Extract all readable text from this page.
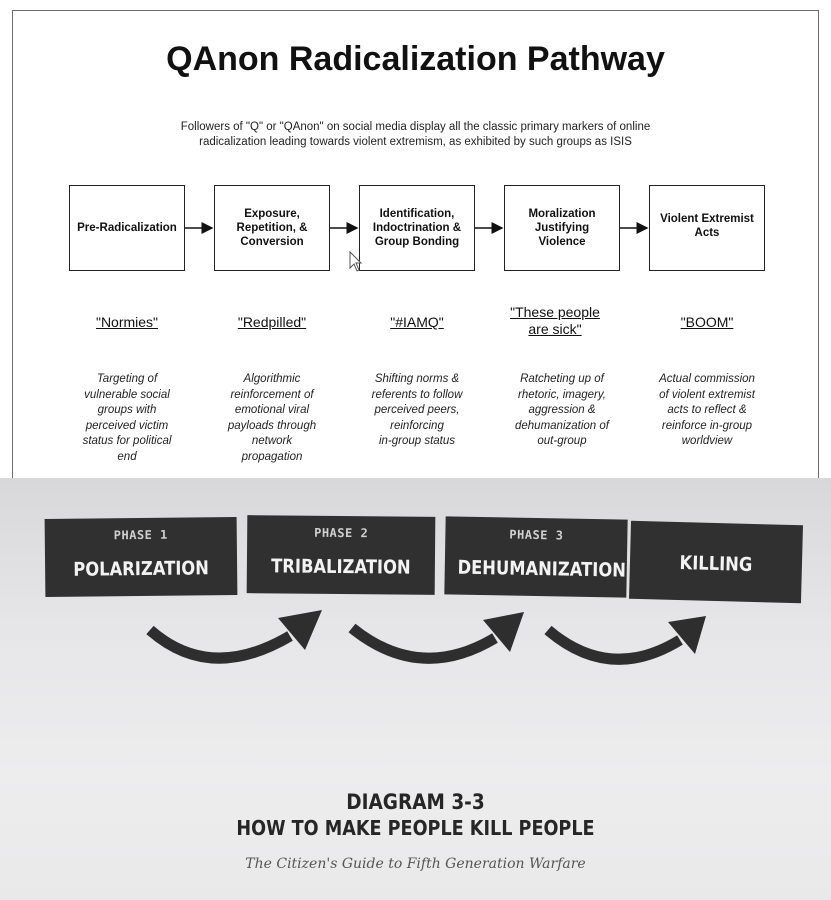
QAnon Radicalization Pathway
Followers of "Q" or "QAnon" on social media display all the classic primary markers of online
radicalization leading towards violent extremism, as exhibited by such groups as ISIS
Pre-Radicalization
Exposure,
Repetition, &
Conversion
Identification,
Indoctrination &
Group Bonding
Moralization
Justifying
Violence
Violent Extremist
Acts
"Normies"	"Redpilled"	"#IAMQ"
"These people
are sick"	"BOOM"
Targeting of
vulnerable social
groups with
perceived victim
status for political
end
Algorithmic
reinforcement of
emotional viral
payloads through
network
propagation
Shifting norms &
referents to follow
perceived peers,
reinforcing
in-group status
Ratcheting up of
rhetoric, imagery,
aggression &
dehumanization of
out-group
Actual commission
of violent extremist
acts to reflect &
reinforce in-group
worldview
PHASE 1
POLARIZATION
PHASE 2
TRIBALIZATION
PHASE 3
DEHUMANIZATION	KILLING
DIAGRAM 3-3
HOW TO MAKE PEOPLE KILL PEOPLE
The Citizen's Guide to Fifth Generation Warfare
